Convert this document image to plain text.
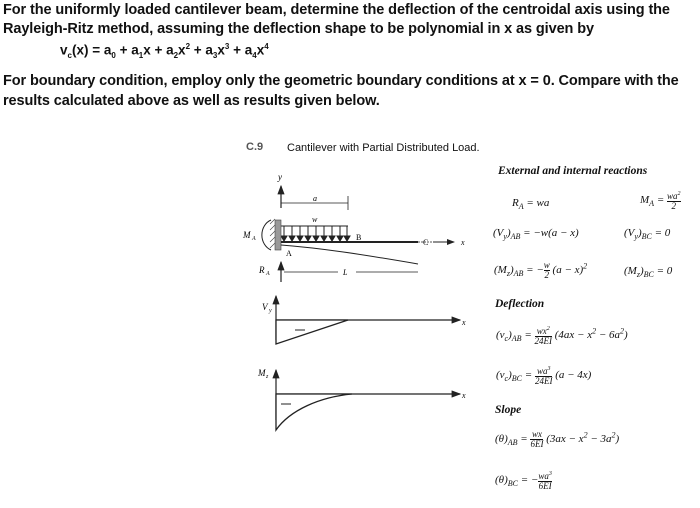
For the uniformly loaded cantilever beam, determine the deflection of the centroidal axis using the
Rayleigh-Ritz method, assuming the deflection shape to be polynomial in x as given by
$v_c(x) = a_0 + a_1x + a_2x^2 + a_3x^3 + a_4x^4$
For boundary condition, employ only the geometric boundary conditions at x = 0. Compare with the
results calculated above as well as results given below.
C.9 Cantilever with Partial Distributed Load.
y
a
w
B
M A
A
C	x
R A	L
V y
x
M z
x
External and internal reactions
$R_A$ = wa	$M_A = \frac{wa^2}{2}$
$(V_y)_{AB} = -w(a - x)$	$(V_y)_{BC} = 0$
$(M_z)_{AB}$ = − $\frac{w}{2} (a - x)^2$	$(M_z)_{BC} = 0$
Deflection
$(v_c)_{AB} = \frac{wx^2}{24EI} (4ax - x^2 - 6a^2)$
$(v_c)_{BC} = \frac{wa^3}{24EI} (a - 4x)$
Slope
$(\theta)_{AB} = \frac{wx}{6EI} (3ax - x^2 - 3a^2)$
$(\theta)_{BC}$ = − $\frac{wa^3}{6EI}$
